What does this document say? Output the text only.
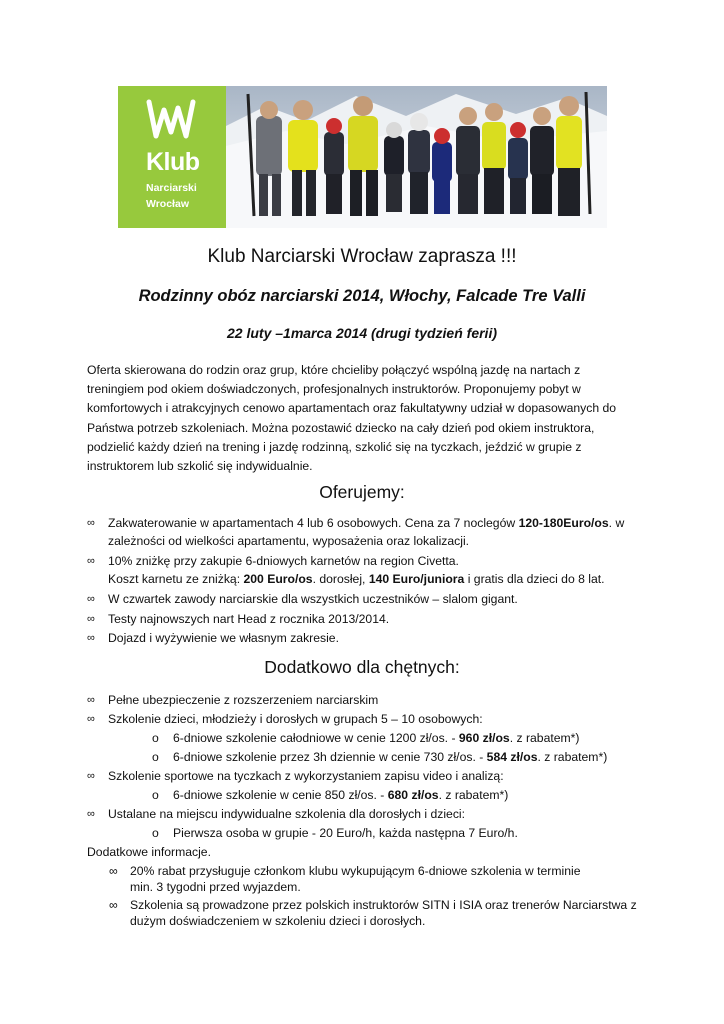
Klub
Narciarski
Wrocław
Klub Narciarski Wrocław zaprasza !!!
Rodzinny obóz narciarski 2014, Włochy, Falcade Tre Valli
22 luty –1marca 2014 (drugi tydzień ferii)
Oferta skierowana do rodzin oraz grup, które chcieliby połączyć wspólną jazdę na nartach z
treningiem pod okiem doświadczonych, profesjonalnych instruktorów. Proponujemy pobyt w
komfortowych i atrakcyjnych cenowo apartamentach oraz fakultatywny udział w dopasowanych do
Państwa potrzeb szkoleniach. Można pozostawić dziecko na cały dzień pod okiem instruktora,
podzielić każdy dzień na trening i jazdę rodzinną, szkolić się na tyczkach, jeździć w grupie z
instruktorem lub szkolić się indywidualnie.
Oferujemy:
∞ Zakwaterowanie w apartamentach 4 lub 6 osobowych. Cena za 7 noclegów 120-180Euro/os. w
zależności od wielkości apartamentu, wyposażenia oraz lokalizacji.
∞ 10% zniżkę przy zakupie 6-dniowych karnetów na region Civetta.
Koszt karnetu ze zniżką: 200 Euro/os. dorosłej, 140 Euro/juniora i gratis dla dzieci do 8 lat.
∞ W czwartek zawody narciarskie dla wszystkich uczestników – slalom gigant.
∞ Testy najnowszych nart Head z rocznika 2013/2014.
∞ Dojazd i wyżywienie we własnym zakresie.
Dodatkowo dla chętnych:
∞ Pełne ubezpieczenie z rozszerzeniem narciarskim
∞ Szkolenie dzieci, młodzieży i dorosłych w grupach 5 – 10 osobowych:
o 6-dniowe szkolenie całodniowe w cenie 1200 zł/os. - 960 zł/os. z rabatem*)
o 6-dniowe szkolenie przez 3h dziennie w cenie 730 zł/os. - 584 zł/os. z rabatem*)
∞ Szkolenie sportowe na tyczkach z wykorzystaniem zapisu video i analizą:
o 6-dniowe szkolenie w cenie 850 zł/os. - 680 zł/os. z rabatem*)
∞ Ustalane na miejscu indywidualne szkolenia dla dorosłych i dzieci:
o Pierwsza osoba w grupie - 20 Euro/h, każda następna 7 Euro/h.
Dodatkowe informacje.
∞ 20% rabat przysługuje członkom klubu wykupującym 6-dniowe szkolenia w terminie
min. 3 tygodni przed wyjazdem.
∞ Szkolenia są prowadzone przez polskich instruktorów SITN i ISIA oraz trenerów Narciarstwa z
dużym doświadczeniem w szkoleniu dzieci i dorosłych.
